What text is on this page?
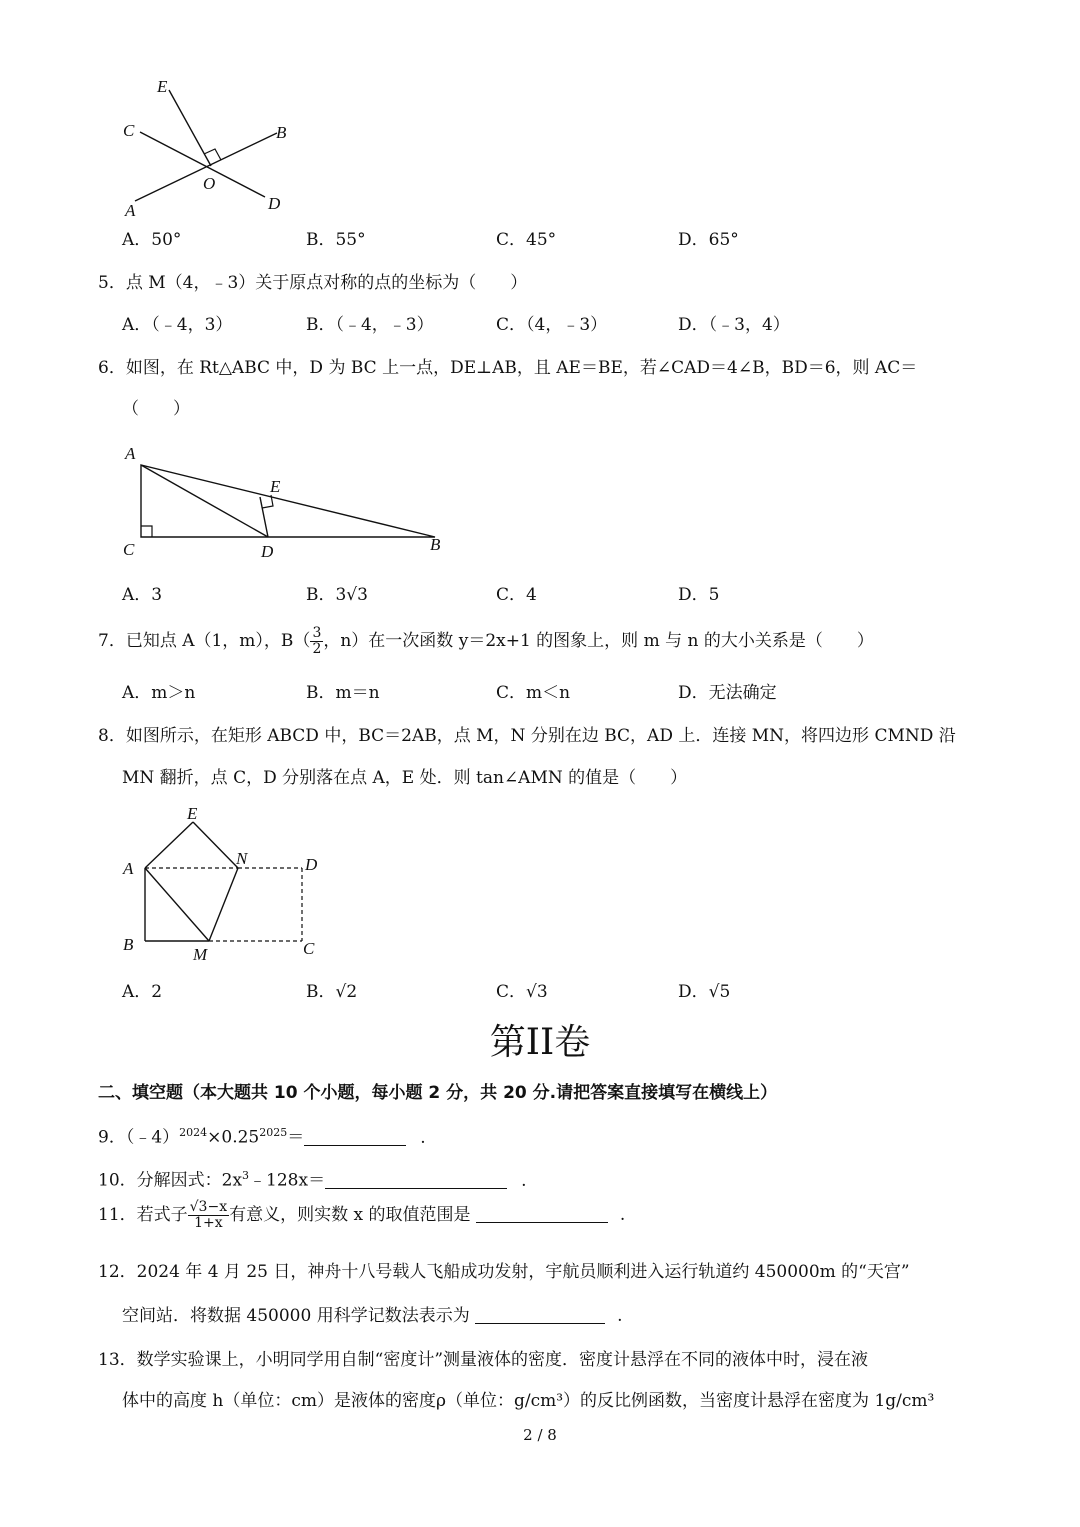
E
C	B
O
A	D
A．50°	B．55°	C．45°	D．65°
5．点 M（4，﹣3）关于原点对称的点的坐标为（　　）
A．（﹣4，3）	B．（﹣4，﹣3）	C．（4，﹣3）	D．（﹣3，4）
6．如图，在 Rt△ABC 中，D 为 BC 上一点，DE⊥AB，且 AE＝BE，若∠CAD＝4∠B，BD＝6，则 AC＝
（　　）
A
E
C	D	B
A．3	B．3√3	C．4	D．5
7．已知点 A（1，m），$B( \frac{3}{2}$ ，n）在一次函数 y＝2x+1 的图象上，则 m 与 n 的大小关系是（　　）
A．m＞n	B．m＝n	C．m＜n	D．无法确定
8．如图所示，在矩形 ABCD 中，BC＝2AB，点 M，N 分别在边 BC，AD 上．连接 MN，将四边形 CMND 沿
MN 翻折，点 C，D 分别落在点 A，E 处．则 tan∠AMN 的值是（　　）
E
A
N	D
B
M	C
A．2	B．√2	C．√3	D．√5
第II卷
二、填空题（本大题共 10 个小题，每小题 2 分，共 20 分.请把答案直接填写在横线上）
9．$(﹣4)^{2024}\times 0.25^{2025}=$	.
10．分解因式：$2x^3﹣128x=$	.
11．若式子 $\frac{√3-x}{1+x}$ 有意义，则实数 x 的取值范围是	.
12．2024 年 4 月 25 日，神舟十八号载人飞船成功发射，宇航员顺利进入运行轨道约 450000m 的“天宫”
空间站．将数据 450000 用科学记数法表示为	.
13．数学实验课上，小明同学用自制“密度计”测量液体的密度．密度计悬浮在不同的液体中时，浸在液
体中的高度 h（单位：cm）是液体的密度ρ（单位：g/cm³）的反比例函数，当密度计悬浮在密度为 1g/cm³
2 / 8
